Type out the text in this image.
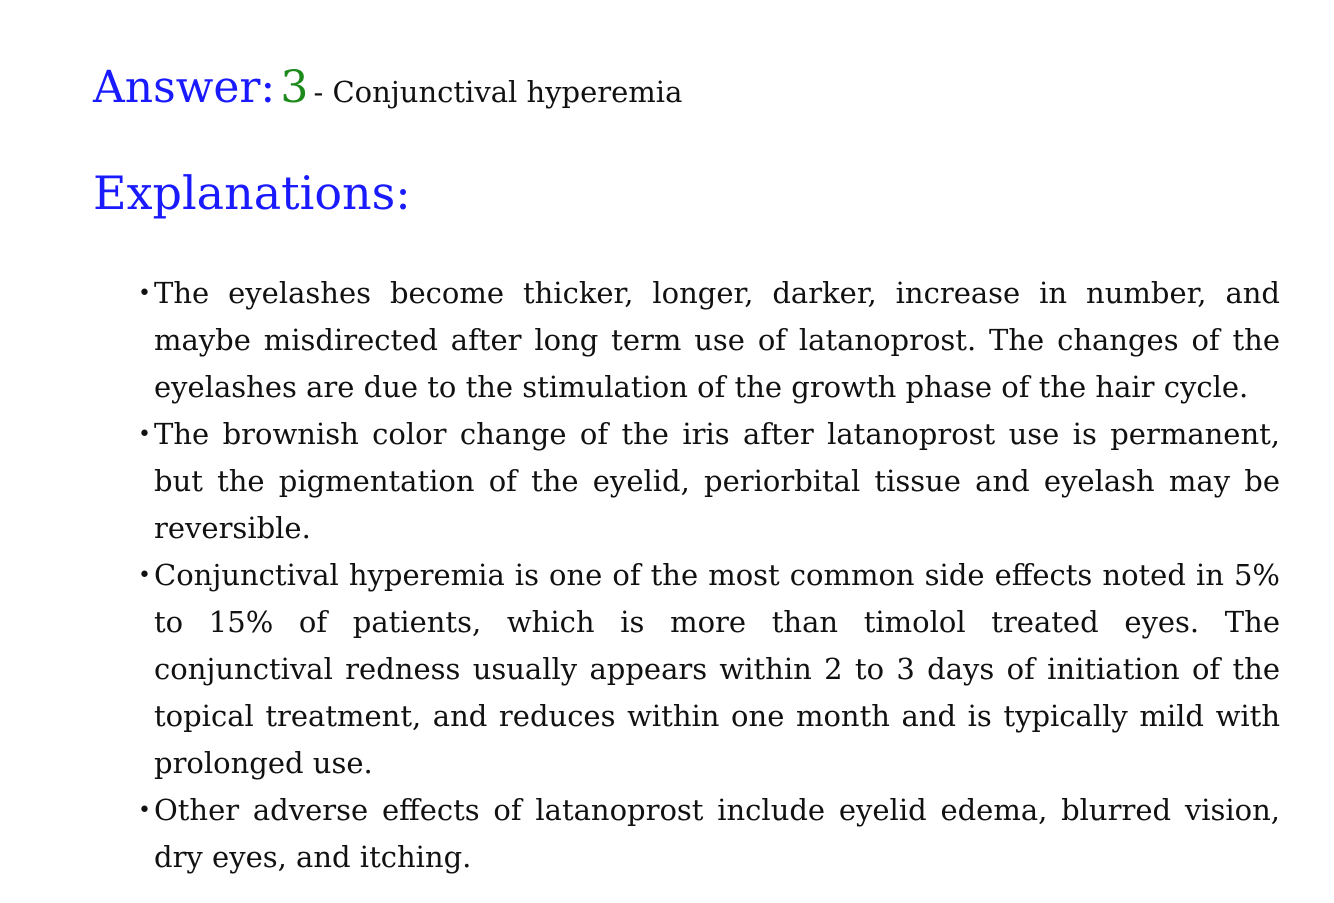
Answer: 3 - Conjunctival hyperemia
Explanations:
• The eyelashes become thicker, longer, darker, increase in number, and maybe misdirected after long term use of latanoprost. The changes of the eyelashes are due to the stimulation of the growth phase of the hair cycle.
• The brownish color change of the iris after latanoprost use is permanent, but the pigmentation of the eyelid, periorbital tissue and eyelash may be reversible.
• Conjunctival hyperemia is one of the most common side effects noted in 5% to 15% of patients, which is more than timolol treated eyes. The conjunctival redness usually appears within 2 to 3 days of initiation of the topical treatment, and reduces within one month and is typically mild with prolonged use.
• Other adverse effects of latanoprost include eyelid edema, blurred vision, dry eyes, and itching.
